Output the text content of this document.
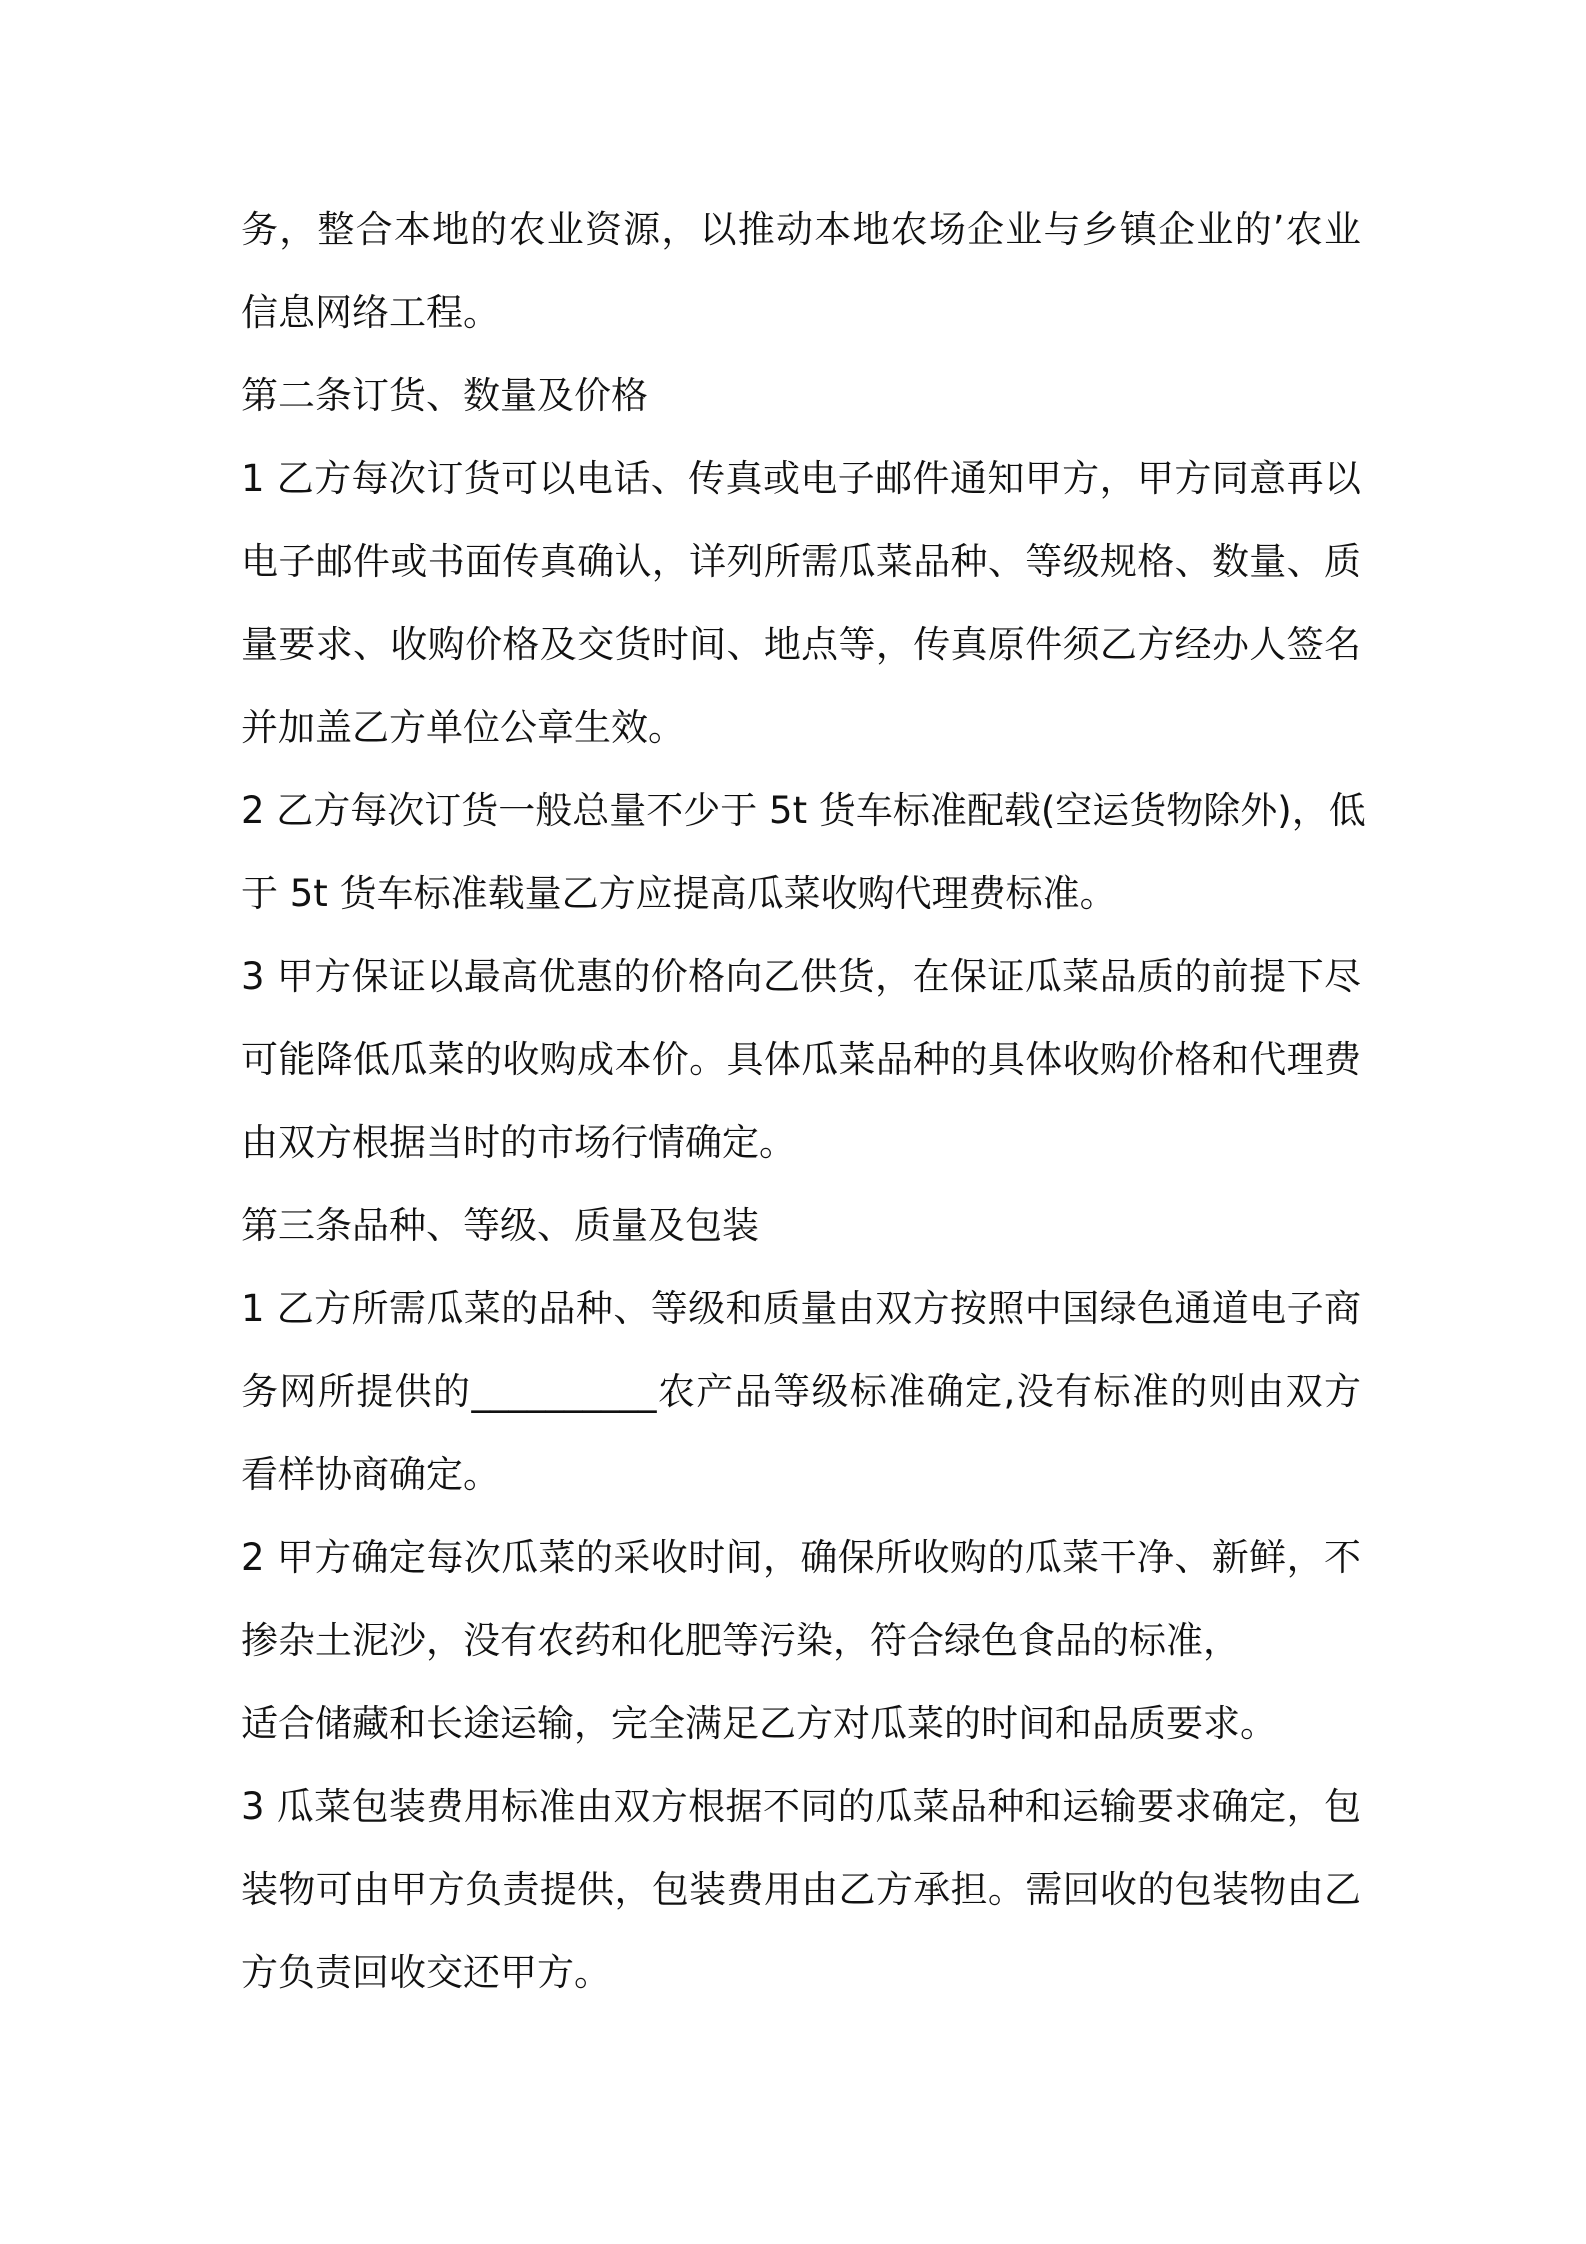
务，整合本地的农业资源，以推动本地农场企业与乡镇企业的’农业
信息网络工程。
第二条订货、数量及价格
1 乙方每次订货可以电话、传真或电子邮件通知甲方，甲方同意再以
电子邮件或书面传真确认，详列所需瓜菜品种、等级规格、数量、质
量要求、收购价格及交货时间、地点等，传真原件须乙方经办人签名
并加盖乙方单位公章生效。
2 乙方每次订货一般总量不少于 5t 货车标准配载(空运货物除外)，低
于 5t 货车标准载量乙方应提高瓜菜收购代理费标准。
3 甲方保证以最高优惠的价格向乙供货，在保证瓜菜品质的前提下尽
可能降低瓜菜的收购成本价。具体瓜菜品种的具体收购价格和代理费
由双方根据当时的市场行情确定。
第三条品种、等级、质量及包装
1 乙方所需瓜菜的品种、等级和质量由双方按照中国绿色通道电子商
务网所提供的__________农产品等级标准确定,没有标准的则由双方
看样协商确定。
2 甲方确定每次瓜菜的采收时间，确保所收购的瓜菜干净、新鲜，不
掺杂土泥沙，没有农药和化肥等污染，符合绿色食品的标准，
适合储藏和长途运输，完全满足乙方对瓜菜的时间和品质要求。
3 瓜菜包装费用标准由双方根据不同的瓜菜品种和运输要求确定，包
装物可由甲方负责提供，包装费用由乙方承担。需回收的包装物由乙
方负责回收交还甲方。
